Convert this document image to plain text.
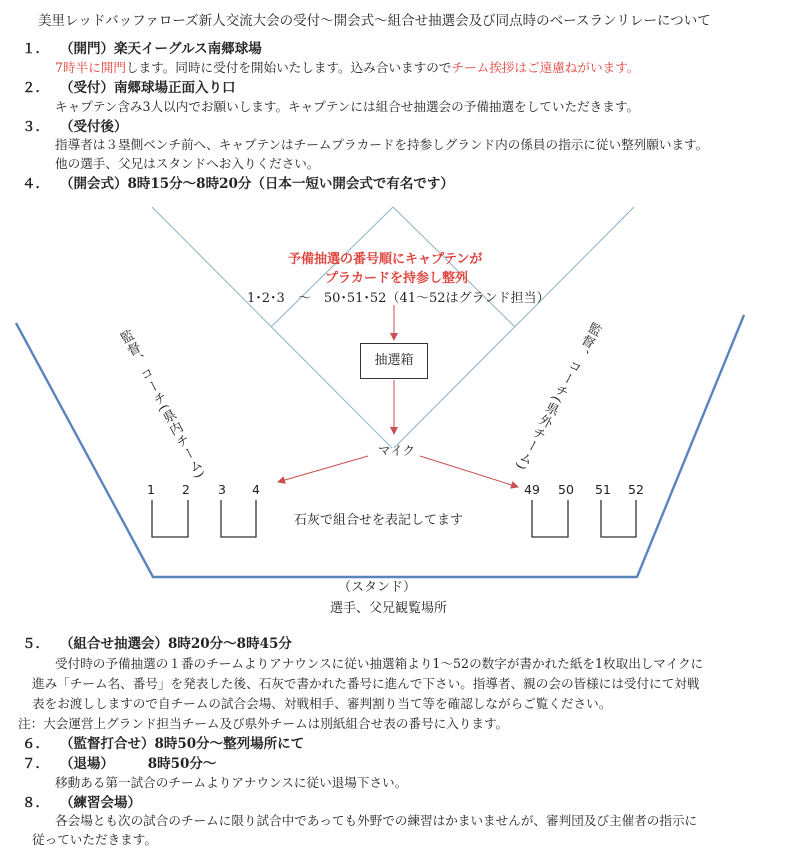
美里レッドバッファローズ新人交流大会の受付～開会式～組合せ抽選会及び同点時のベースランリレーについて
１． （開門）楽天イーグルス南郷球場
7時半に開門します。同時に受付を開始いたします。込み合いますのでチーム挨拶はご遠慮ねがいます。
２． （受付）南郷球場正面入り口
キャプテン含み3人以内でお願いします。キャプテンには組合せ抽選会の予備抽選をしていただきます。
３． （受付後）
指導者は３塁側ベンチ前へ、キャプテンはチームプラカードを持参しグランド内の係員の指示に従い整列願います。
他の選手、父兄はスタンドへお入りください。
４． （開会式）8時15分～8時20分（日本一短い開会式で有名です）
予備抽選の番号順にキャプテンが
プラカードを持参し整列
1･2･3　～　50･51･52（41～52はグランド担当）
抽選箱
マイク
監督、コーチ(県内チーム)	監督、コーチ(県外チーム)
1 2 3 4	49 50 51 52
石灰で組合せを表記してます
（スタンド）
選手、父兄観覧場所
５． （組合せ抽選会）8時20分～8時45分
受付時の予備抽選の１番のチームよりアナウンスに従い抽選箱より1～52の数字が書かれた紙を1枚取出しマイクに
進み「チーム名、番号」を発表した後、石灰で書かれた番号に進んで下さい。指導者、親の会の皆様には受付にて対戦
表をお渡ししますので自チームの試合会場、対戦相手、審判割り当て等を確認しながらご覧ください。
注：大会運営上グランド担当チーム及び県外チームは別紙組合せ表の番号に入ります。
６． （監督打合せ）8時50分～整列場所にて
７． （退場）　　　8時50分～
移動ある第一試合のチームよりアナウンスに従い退場下さい。
８． （練習会場）
各会場とも次の試合のチームに限り試合中であっても外野での練習はかまいませんが、審判団及び主催者の指示に
従っていただきます。
